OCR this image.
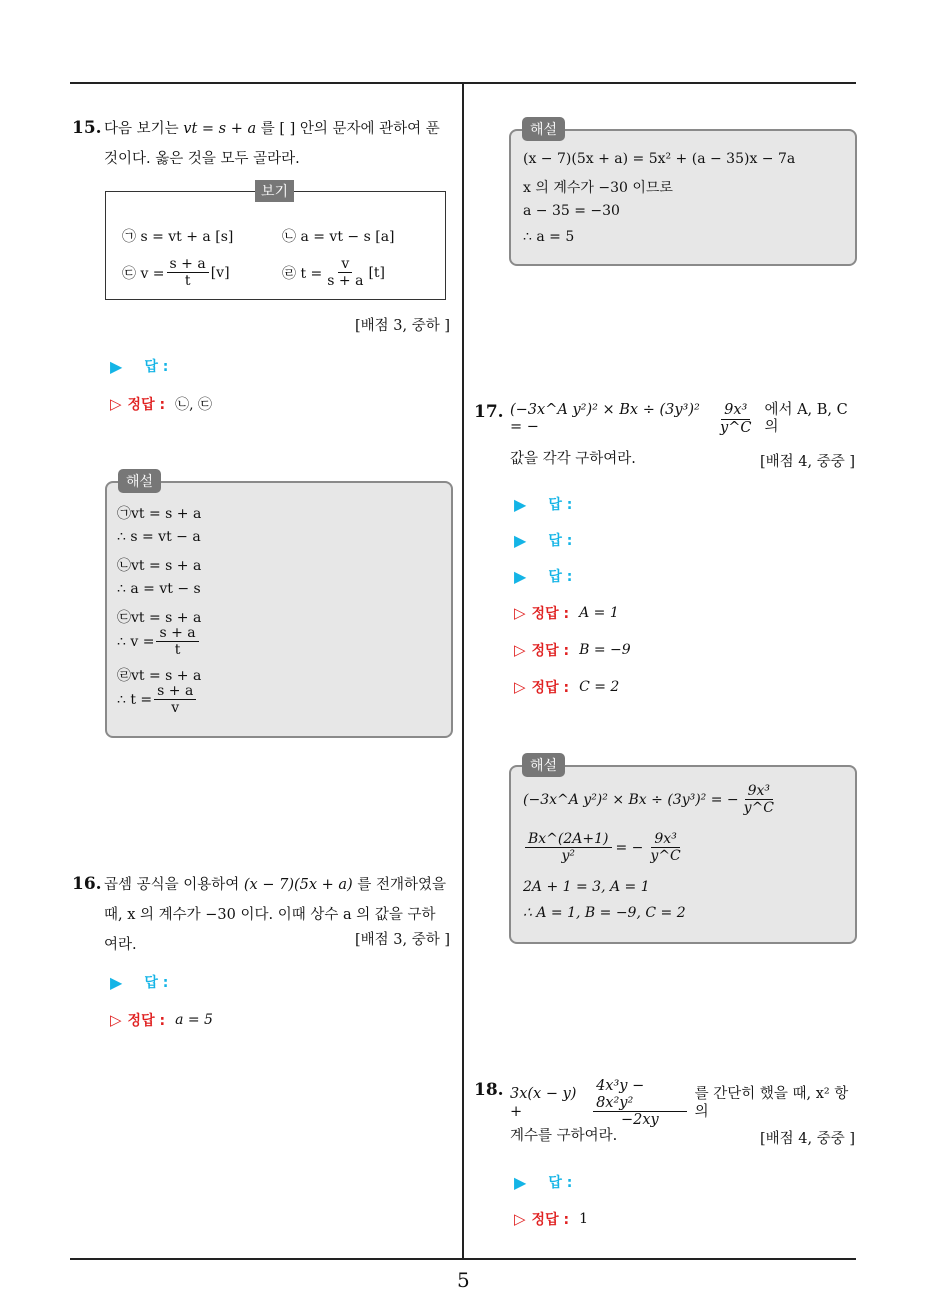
15. 다음 보기는 vt = s + a 를 [ ] 안의 문자에 관하여 푼
것이다. 옳은 것을 모두 골라라.
㉠ s = vt + a [s]	㉡ a = vt − s [a]
㉢ $v = \frac{s + a}{t} [v]$	㉣ $t = \frac{v}{s + a} [t]$
보기
[배점 3, 중하 ]
▶ 답 :
▷ 정답 : ㉡, ㉢
㉠vt = s + a
∴ s = vt − a
㉡vt = s + a
∴ a = vt − s
㉢vt = s + a
∴ $v = \frac{s + a}{t}$
㉣vt = s + a
∴ $t = \frac{s + a}{v}$
해설
16. 곱셈 공식을 이용하여 (x − 7)(5x + a) 를 전개하였을
때, x 의 계수가 −30 이다. 이때 상수 a 의 값을 구하
여라.	[배점 3, 중하 ]
▶ 답 :
▷ 정답 : a = 5
(x − 7)(5x + a) = 5x² + (a − 35)x − 7a
x 의 계수가 −30 이므로
a − 35 = −30
∴ a = 5
해설
17. (−3x^A y²)² × Bx ÷ (3y³)² = −	$\frac{\text{9x³}}{y\^{}C}$ 에서 A, B, C 의
값을 각각 구하여라.	[배점 4, 중중 ]
▶ 답 :
▶ 답 :
▶ 답 :
▷ 정답 : A = 1
▷ 정답 : B = −9
▷ 정답 : C = 2
(−3x^A y²)² × Bx ÷ (3y³)² = − $\frac{\text{9x³}}{y\^{}C}$
$\frac{Bx\^{}(2A+1)}{\text{y²}}$ = − $\frac{\text{9x³}}{y\^{}C}$
2A + 1 = 3, A = 1
∴ A = 1, B = −9, C = 2
해설
18. 3x(x − y) +	$\frac{\text{4x³y − 8x²y²}}{-2xy}$ 를 간단히 했을 때, x² 항의
계수를 구하여라.	[배점 4, 중중 ]
▶ 답 :
▷ 정답 : 1
5
